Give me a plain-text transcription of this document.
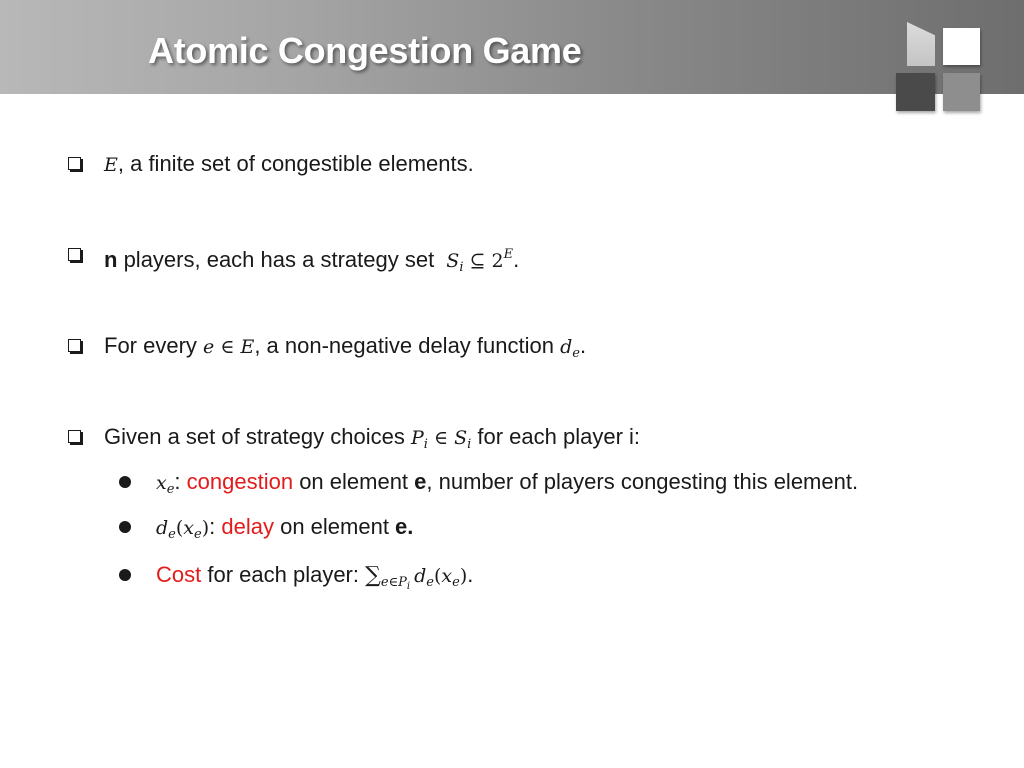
Atomic Congestion Game
E, a finite set of congestible elements.
n players, each has a strategy set $S_i$ ⊆ $2^E$.
For every e ∈ E, a non-negative delay function $d_e$.
Given a set of strategy choices $P_i$ ∈ $S_i$ for each player i:
$x_e$: congestion on element e, number of players congesting this element.
$d_e(x_e)$: delay on element e.
Cost for each player: $\sum_{e\in P_i}$ $d_e(x_e)$.
